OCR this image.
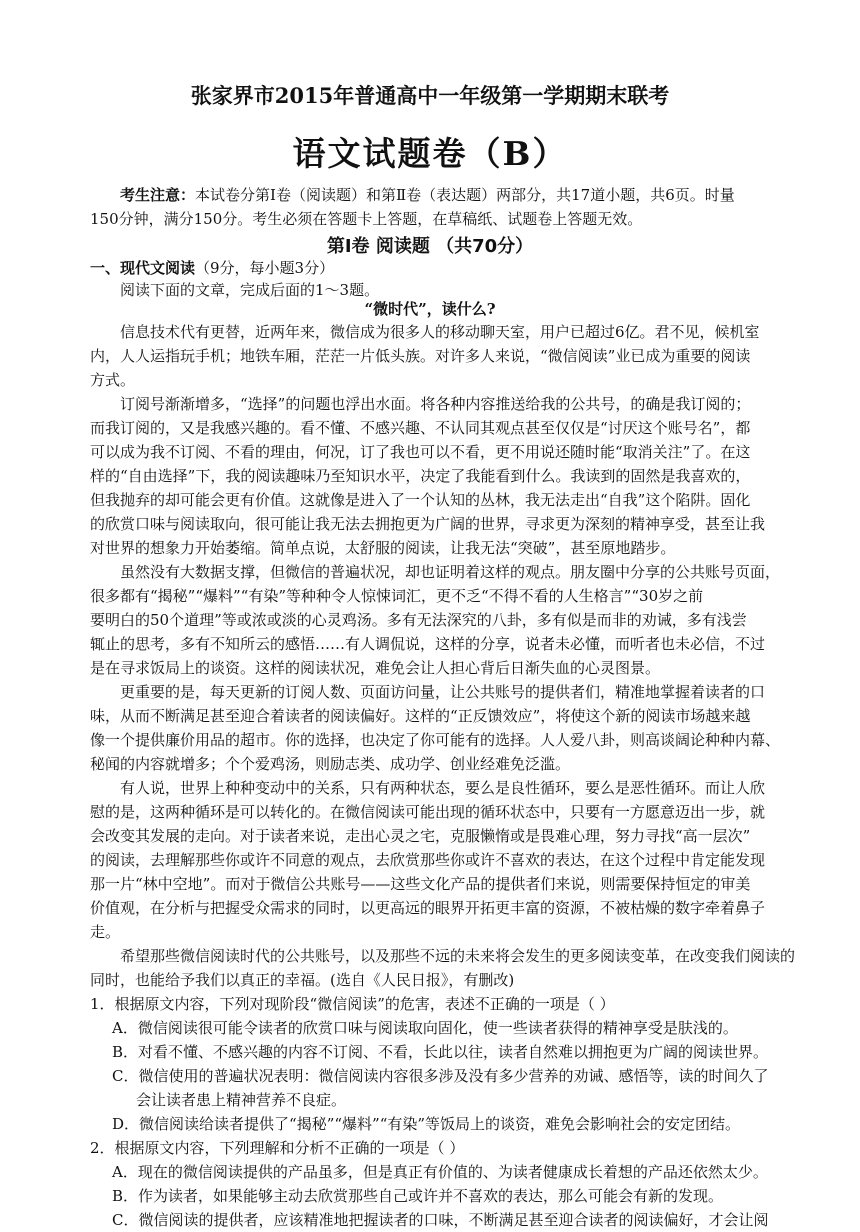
张家界市2015年普通高中一年级第一学期期末联考
语文试题卷（B）
考生注意：本试卷分第Ⅰ卷（阅读题）和第Ⅱ卷（表达题）两部分，共17道小题，共6页。时量
150分钟，满分150分。考生必须在答题卡上答题，在草稿纸、试题卷上答题无效。
第Ⅰ卷 阅读题 （共70分）
一、现代文阅读（9分，每小题3分）
阅读下面的文章，完成后面的1～3题。
“微时代”，读什么?
信息技术代有更替，近两年来，微信成为很多人的移动聊天室，用户已超过6亿。君不见，候机室
内，人人运指玩手机；地铁车厢，茫茫一片低头族。对许多人来说，“微信阅读”业已成为重要的阅读
方式。
订阅号渐渐增多，“选择”的问题也浮出水面。将各种内容推送给我的公共号，的确是我订阅的；
而我订阅的，又是我感兴趣的。看不懂、不感兴趣、不认同其观点甚至仅仅是“讨厌这个账号名”，都
可以成为我不订阅、不看的理由，何况，订了我也可以不看，更不用说还随时能“取消关注”了。在这
样的“自由选择”下，我的阅读趣味乃至知识水平，决定了我能看到什么。我读到的固然是我喜欢的，
但我抛弃的却可能会更有价值。这就像是进入了一个认知的丛林，我无法走出“自我”这个陷阱。固化
的欣赏口味与阅读取向，很可能让我无法去拥抱更为广阔的世界，寻求更为深刻的精神享受，甚至让我
对世界的想象力开始萎缩。简单点说，太舒服的阅读，让我无法“突破”，甚至原地踏步。
虽然没有大数据支撑，但微信的普遍状况，却也证明着这样的观点。朋友圈中分享的公共账号页面，
很多都有“揭秘”“爆料”“有染”等种种令人惊悚词汇，更不乏“不得不看的人生格言”“30岁之前
要明白的50个道理”等或浓或淡的心灵鸡汤。多有无法深究的八卦，多有似是而非的劝诫，多有浅尝
辄止的思考，多有不知所云的感悟……有人调侃说，这样的分享，说者未必懂，而听者也未必信，不过
是在寻求饭局上的谈资。这样的阅读状况，难免会让人担心背后日渐失血的心灵图景。
更重要的是，每天更新的订阅人数、页面访问量，让公共账号的提供者们，精准地掌握着读者的口
味，从而不断满足甚至迎合着读者的阅读偏好。这样的“正反馈效应”，将使这个新的阅读市场越来越
像一个提供廉价用品的超市。你的选择，也决定了你可能有的选择。人人爱八卦，则高谈阔论种种内幕、
秘闻的内容就增多；个个爱鸡汤，则励志类、成功学、创业经难免泛滥。
有人说，世界上种种变动中的关系，只有两种状态，要么是良性循环，要么是恶性循环。而让人欣
慰的是，这两种循环是可以转化的。在微信阅读可能出现的循环状态中，只要有一方愿意迈出一步，就
会改变其发展的走向。对于读者来说，走出心灵之宅，克服懒惰或是畏难心理，努力寻找“高一层次”
的阅读，去理解那些你或许不同意的观点，去欣赏那些你或许不喜欢的表达，在这个过程中肯定能发现
那一片“林中空地”。而对于微信公共账号——这些文化产品的提供者们来说，则需要保持恒定的审美
价值观，在分析与把握受众需求的同时，以更高远的眼界开拓更丰富的资源，不被枯燥的数字牵着鼻子
走。
希望那些微信阅读时代的公共账号，以及那些不远的未来将会发生的更多阅读变革，在改变我们阅读的
同时，也能给予我们以真正的幸福。(选自《人民日报》，有删改)
1．根据原文内容，下列对现阶段“微信阅读”的危害，表述不正确的一项是（ ）
A．微信阅读很可能令读者的欣赏口味与阅读取向固化，使一些读者获得的精神享受是肤浅的。
B．对看不懂、不感兴趣的内容不订阅、不看，长此以往，读者自然难以拥抱更为广阔的阅读世界。
C．微信使用的普遍状况表明：微信阅读内容很多涉及没有多少营养的劝诫、感悟等，读的时间久了
会让读者患上精神营养不良症。
D．微信阅读给读者提供了“揭秘”“爆料”“有染”等饭局上的谈资，难免会影响社会的安定团结。
2．根据原文内容，下列理解和分析不正确的一项是（ ）
A．现在的微信阅读提供的产品虽多，但是真正有价值的、为读者健康成长着想的产品还依然太少。
B．作为读者，如果能够主动去欣赏那些自己或许并不喜欢的表达，那么可能会有新的发现。
C．微信阅读的提供者，应该精准地把握读者的口味，不断满足甚至迎合读者的阅读偏好，才会让阅
